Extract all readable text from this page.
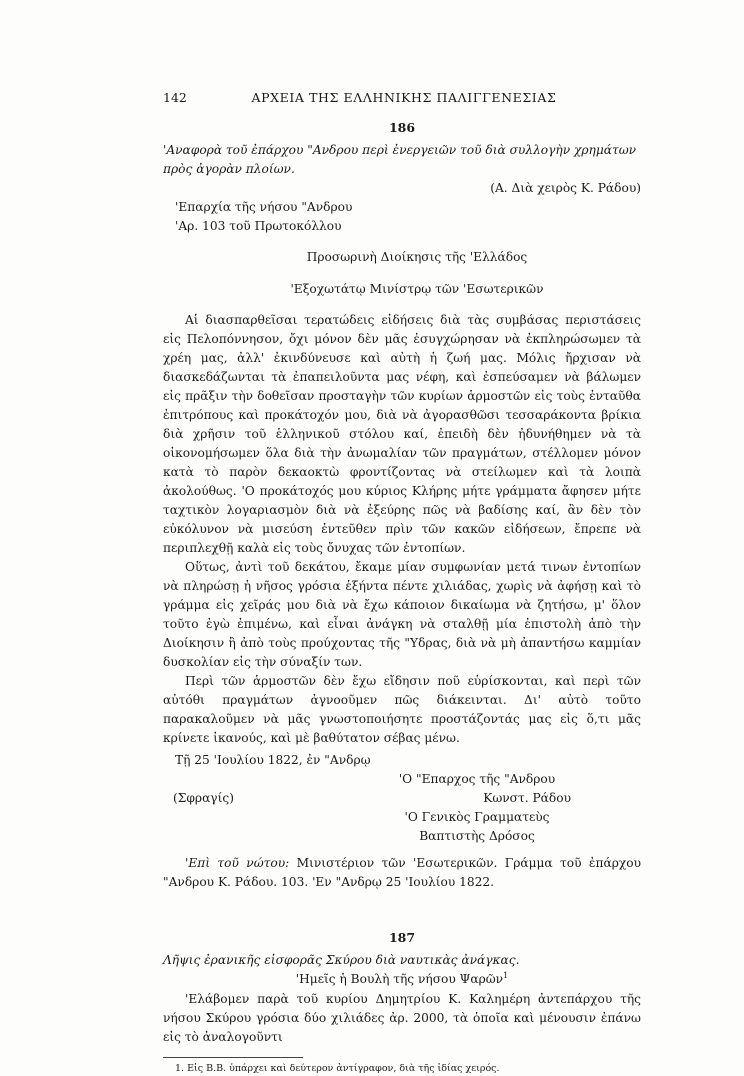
142	ΑΡΧΕΙΑ ΤΗΣ ΕΛΛΗΝΙΚΗΣ ΠΑΛΙΓΓΕΝΕΣΙΑΣ
186

'Αναφορὰ τοῦ ἐπάρχου "Ανδρου περὶ ἐνεργειῶν τοῦ διὰ συλλογὴν χρημάτων πρὸς ἀγορὰν πλοίων.

(Α. Διὰ χειρὸς Κ. Ράδου)

'Επαρχία τῆς νήσου "Ανδρου

'Αρ. 103 τοῦ Πρωτοκόλλου

Προσωρινὴ Διοίκησις τῆς 'Ελλάδος

'Εξοχωτάτῳ Μινίστρῳ τῶν 'Εσωτερικῶν

Αἱ διασπαρθεῖσαι τερατώδεις εἰδήσεις διὰ τὰς συμβάσας περιστάσεις εἰς Πελοπόννησον, ὄχι μόνον δὲν μᾶς ἐσυγχώρησαν νὰ ἐκπληρώσωμεν τὰ χρέη μας, ἀλλ' ἐκινδύνευσε καὶ αὐτὴ ἡ ζωή μας. Μόλις ἤρχισαν νὰ διασκεδάζωνται τὰ ἐπαπειλοῦντα μας νέφη, καὶ ἐσπεύσαμεν νὰ βάλωμεν εἰς πρᾶξιν τὴν δοθεῖσαν προσταγὴν τῶν κυρίων ἁρμοστῶν εἰς τοὺς ἐνταῦθα ἐπιτρόπους καὶ προκάτοχόν μου, διὰ νὰ ἀγορασθῶσι τεσσαράκοντα βρίκια διὰ χρῆσιν τοῦ ἑλληνικοῦ στόλου καί, ἐπειδὴ δὲν ἠδυνήθημεν νὰ τὰ οἰκονομήσωμεν ὅλα διὰ τὴν ἀνωμαλίαν τῶν πραγμάτων, στέλλομεν μόνον κατὰ τὸ παρὸν δεκαοκτὼ φροντίζοντας νὰ στείλωμεν καὶ τὰ λοιπὰ ἀκολούθως. 'Ο προκάτοχός μου κύριος Κλήρης μήτε γράμματα ἄφησεν μήτε ταχτικὸν λογαριασμὸν διὰ νὰ ἐξεύρης πῶς νὰ βαδίσης καί, ἂν δὲν τὸν εὐκόλυνον νὰ μισεύση ἐντεῦθεν πρὶν τῶν κακῶν εἰδήσεων, ἔπρεπε νὰ περιπλεχθῇ καλὰ εἰς τοὺς ὄνυχας τῶν ἐντοπίων.

Οὕτως, ἀντὶ τοῦ δεκάτου, ἔκαμε μίαν συμφωνίαν μετά τινων ἐντοπίων νὰ πληρώσῃ ἡ νῆσος γρόσια ἑξήντα πέντε χιλιάδας, χωρὶς νὰ ἀφήσῃ καὶ τὸ γράμμα εἰς χεῖράς μου διὰ νὰ ἔχω κάποιον δικαίωμα νὰ ζητήσω, μ' ὅλον τοῦτο ἐγὼ ἐπιμένω, καὶ εἶναι ἀνάγκη νὰ σταλθῇ μία ἐπιστολὴ ἀπὸ τὴν Διοίκησιν ἢ ἀπὸ τοὺς προύχοντας τῆς "Υδρας, διὰ νὰ μὴ ἀπαντήσω καμμίαν δυσκολίαν εἰς τὴν σύναξίν των.

Περὶ τῶν ἁρμοστῶν δὲν ἔχω εἴδησιν ποῦ εὑρίσκονται, καὶ περὶ τῶν αὐτόθι πραγμάτων ἀγνοοῦμεν πῶς διάκεινται. Δι' αὐτὸ τοῦτο παρακαλοῦμεν νὰ μᾶς γνωστοποιήσητε προστάζοντάς μας εἰς ὅ,τι μᾶς κρίνετε ἱκανούς, καὶ μὲ βαθύτατον σέβας μένω.

Τῇ 25 'Ιουλίου 1822, ἐν "Ανδρῳ

'Ο "Επαρχος τῆς "Ανδρου
(Σφραγίς)	Κωνστ. Ράδου
'Ο Γενικὸς Γραμματεὺς
Βαπτιστὴς Δρόσος

'Επὶ τοῦ νώτου: Μινιστέριον τῶν 'Εσωτερικῶν. Γράμμα τοῦ ἐπάρχου "Ανδρου Κ. Ράδου. 103. 'Εν "Ανδρῳ 25 'Ιουλίου 1822.

187

Λῆψις ἐρανικῆς εἰσφορᾶς Σκύρου διὰ ναυτικὰς ἀνάγκας.

'Ημεῖς ἡ Βουλὴ τῆς νήσου Ψαρῶν$^1$

'Ελάβομεν παρὰ τοῦ κυρίου Δημητρίου Κ. Καλημέρη ἀντεπάρχου τῆς νήσου Σκύρου γρόσια δύο χιλιάδες ἀρ. 2000, τὰ ὁποῖα καὶ μένουσιν ἐπάνω εἰς τὸ ἀναλογοῦντι

1. Εἰς Β.Β. ὑπάρχει καὶ δεύτερον ἀντίγραφον, διὰ τῆς ἰδίας χειρός.
